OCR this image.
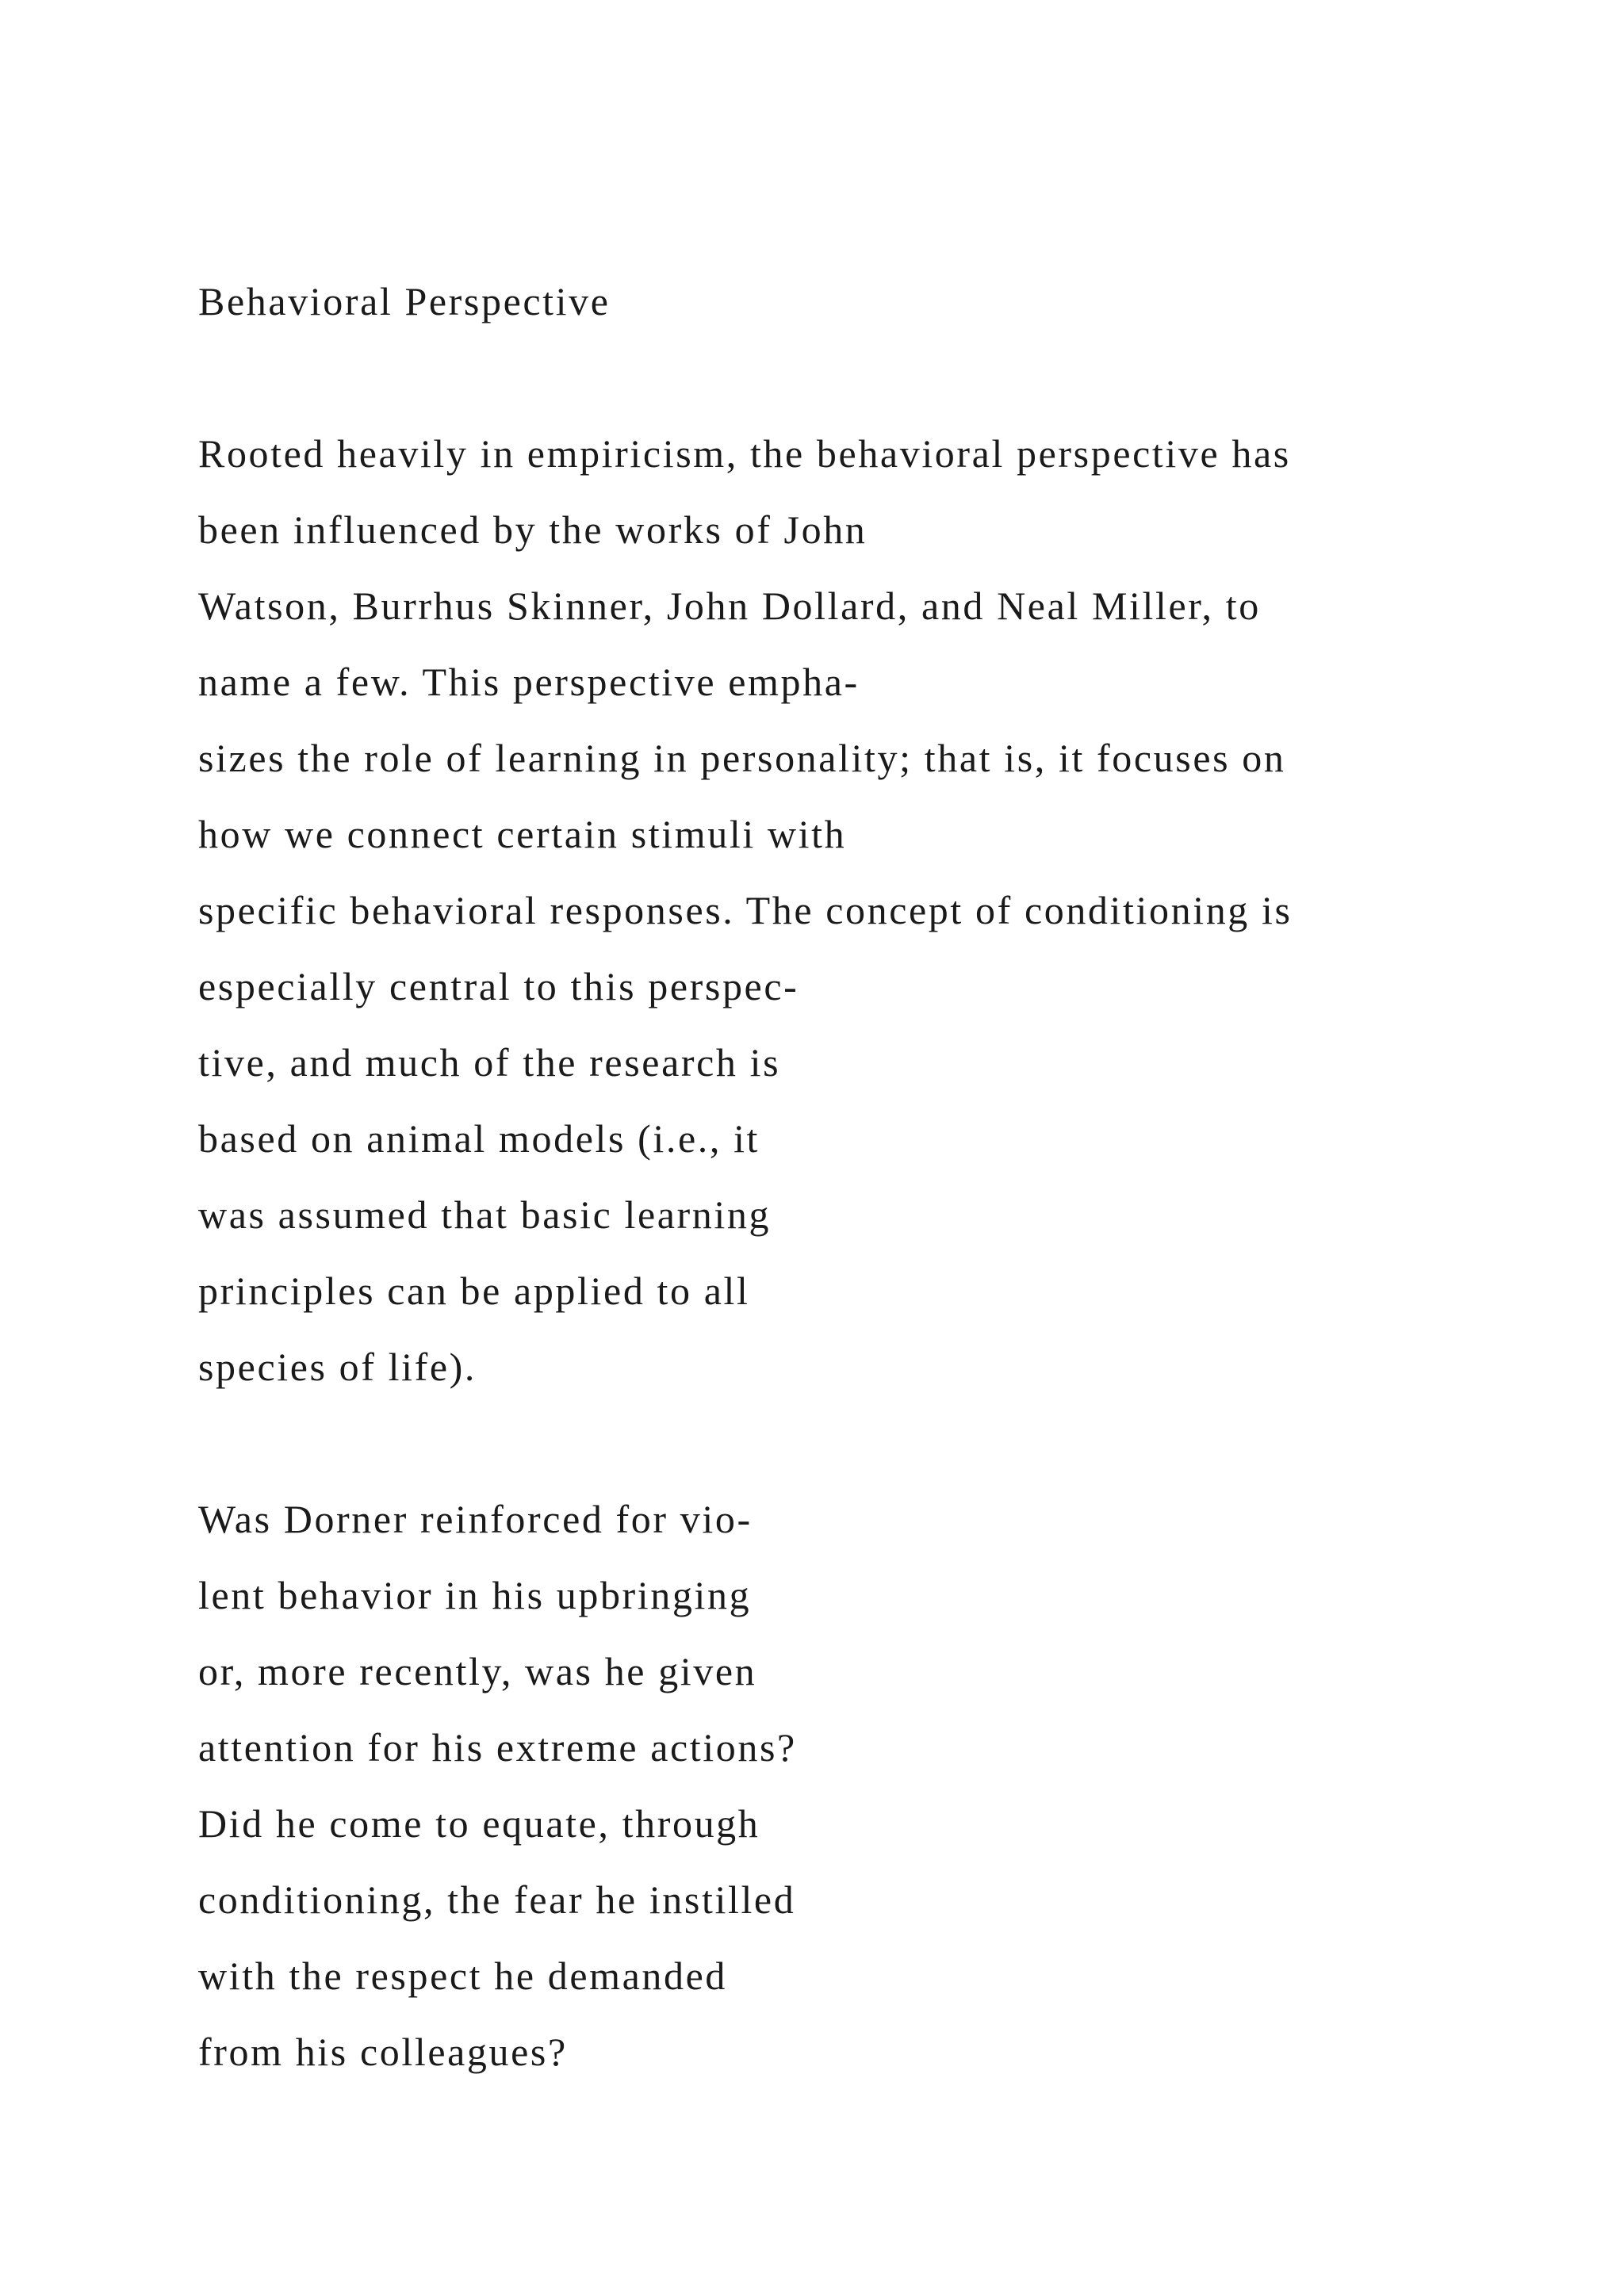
Behavioral Perspective
Rooted heavily in empiricism, the behavioral perspective has
been influenced by the works of John
Watson, Burrhus Skinner, John Dollard, and Neal Miller, to
name a few. This perspective empha-
sizes the role of learning in personality; that is, it focuses on
how we connect certain stimuli with
specific behavioral responses. The concept of conditioning is
especially central to this perspec-
tive, and much of the research is
based on animal models (i.e., it
was assumed that basic learning
principles can be applied to all
species of life).
Was Dorner reinforced for vio-
lent behavior in his upbringing
or, more recently, was he given
attention for his extreme actions?
Did he come to equate, through
conditioning, the fear he instilled
with the respect he demanded
from his colleagues?
